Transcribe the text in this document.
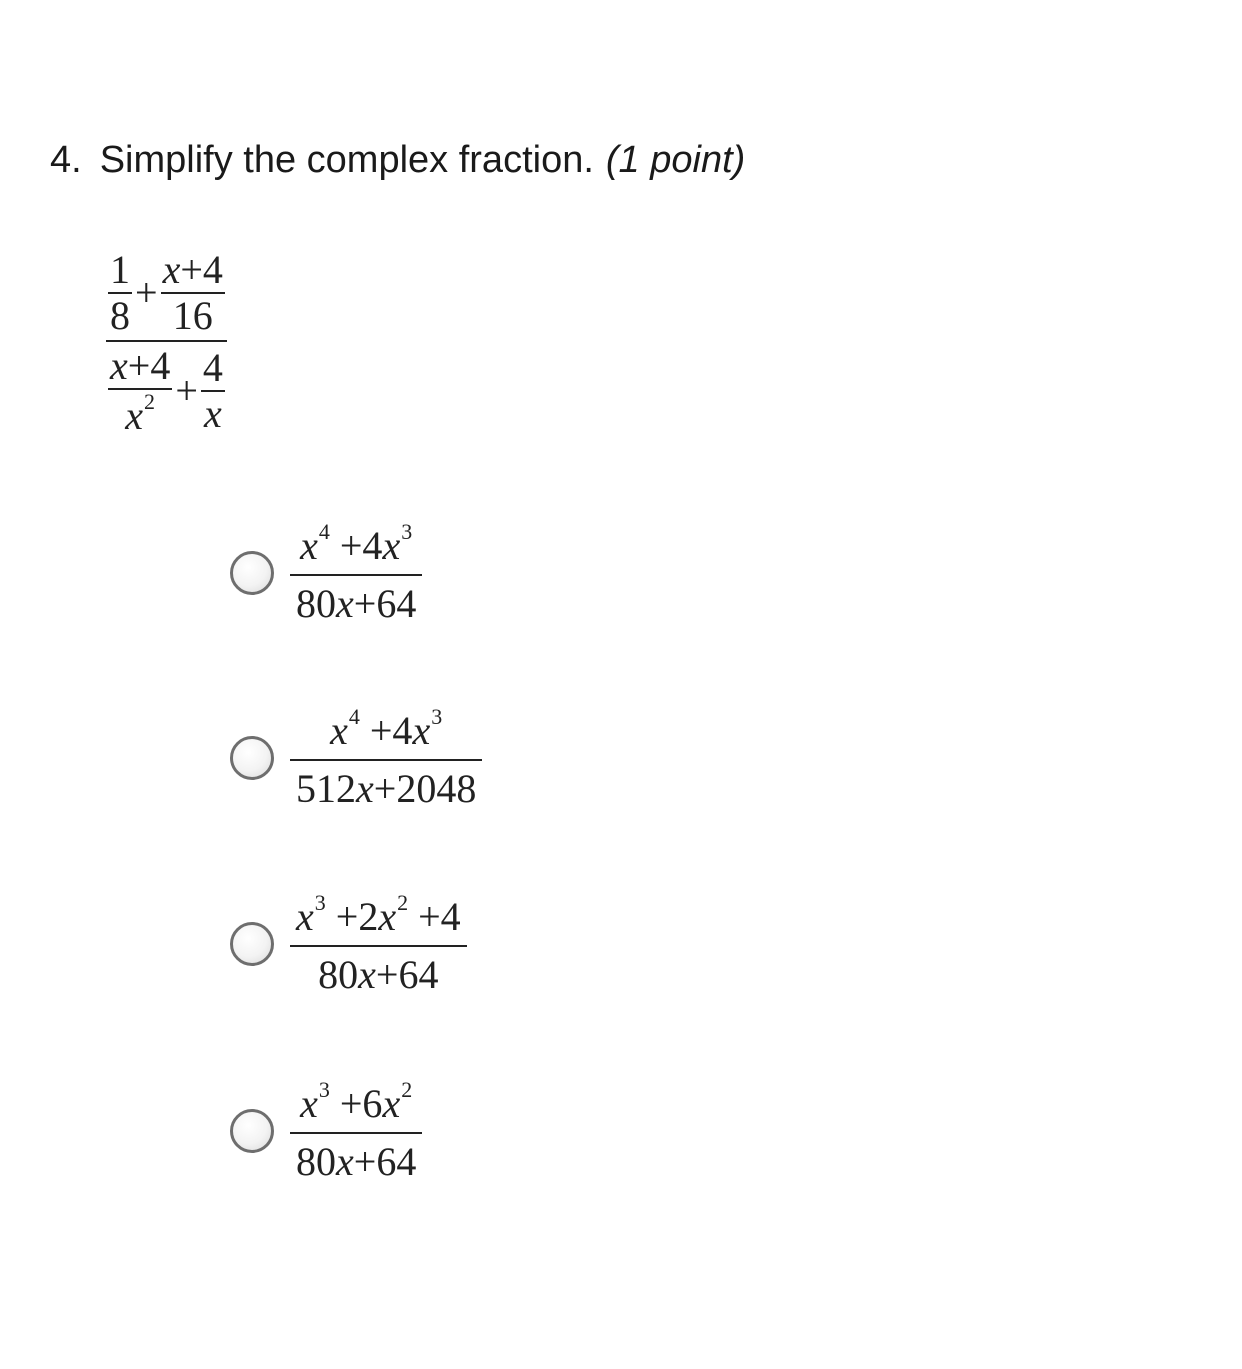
4. Simplify the complex fraction. (1 point)
$\frac{1}{8} + \frac{x+4}{16}$
$\frac{x+4}{x^2} + \frac{4}{x}$
$\frac{x^4 +4x^3}{80x+64}$
$\frac{x^4 +4x^3}{512x+2048}$
$\frac{x^3 +2x^2 +4}{80x+64}$
$\frac{x^3 +6x^2}{80x+64}$
